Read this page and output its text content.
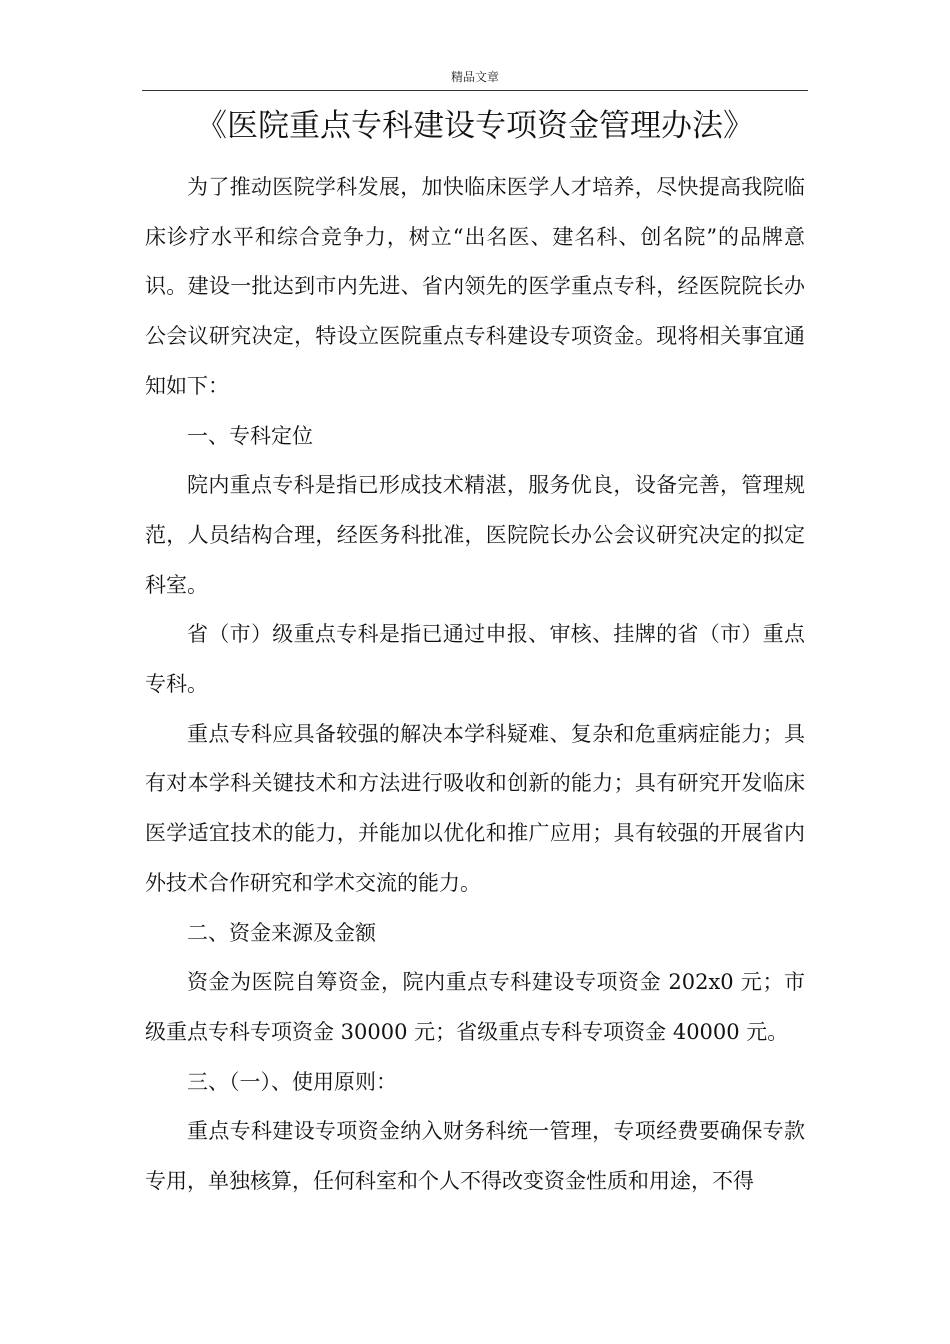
精品文章
《医院重点专科建设专项资金管理办法》

为了推动医院学科发展，加快临床医学人才培养，尽快提高我院临床诊疗水平和综合竞争力，树立“出名医、建名科、创名院”的品牌意识。建设一批达到市内先进、省内领先的医学重点专科，经医院院长办公会议研究决定，特设立医院重点专科建设专项资金。现将相关事宜通知如下：

一、专科定位

院内重点专科是指已形成技术精湛，服务优良，设备完善，管理规范，人员结构合理，经医务科批准，医院院长办公会议研究决定的拟定科室。

省（市）级重点专科是指已通过申报、审核、挂牌的省（市）重点专科。

重点专科应具备较强的解决本学科疑难、复杂和危重病症能力；具有对本学科关键技术和方法进行吸收和创新的能力；具有研究开发临床医学适宜技术的能力，并能加以优化和推广应用；具有较强的开展省内外技术合作研究和学术交流的能力。

二、资金来源及金额

资金为医院自筹资金，院内重点专科建设专项资金 202x0 元；市级重点专科专项资金 30000 元；省级重点专科专项资金 40000 元。

三、（一）、使用原则：

重点专科建设专项资金纳入财务科统一管理，专项经费要确保专款专用，单独核算，任何科室和个人不得改变资金性质和用途，不得
